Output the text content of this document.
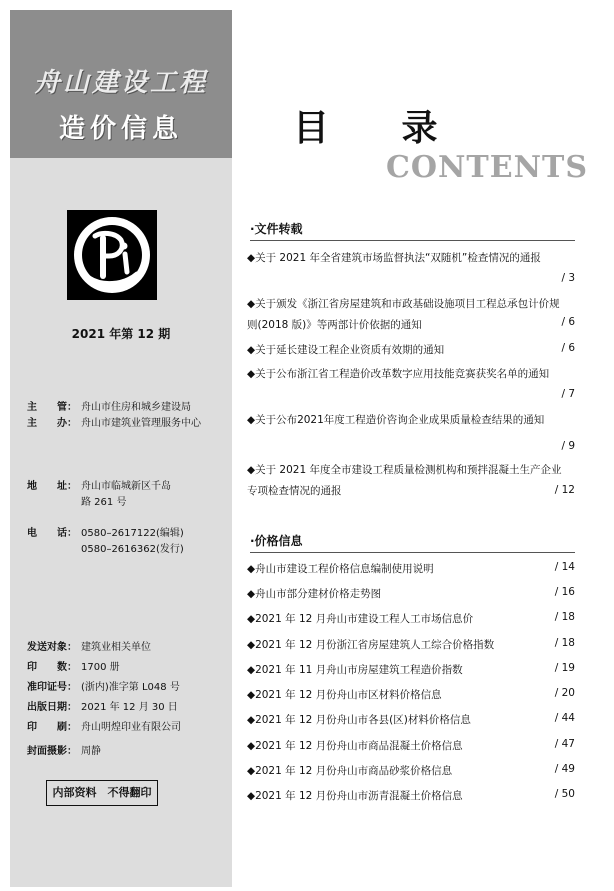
舟山建设工程
造价信息
2021 年第 12 期
主　　管： 舟山市住房和城乡建设局
主　　办： 舟山市建筑业管理服务中心
地　　址： 舟山市临城新区千岛
路 261 号
电　　话： 0580–2617122(编辑)
0580–2616362(发行)
发送对象： 建筑业相关单位
印　　数： 1700 册
准印证号： (浙内)准字第 L048 号
出版日期： 2021 年 12 月 30 日
印　　刷： 舟山明煌印业有限公司
封面摄影： 周静
内部资料　不得翻印
目 录
CONTENTS
·文件转载
◆关于 2021 年全省建筑市场监督执法“双随机”检查情况的通报
/ 3
◆关于颁发《浙江省房屋建筑和市政基础设施项目工程总承包计价规则(2018 版)》等两部计价依据的通知	/ 6
◆关于延长建设工程企业资质有效期的通知	/ 6
◆关于公布浙江省工程造价改革数字应用技能竞赛获奖名单的通知
/ 7
◆关于公布2021年度工程造价咨询企业成果质量检查结果的通知
/ 9
◆关于 2021 年度全市建设工程质量检测机构和预拌混凝土生产企业专项检查情况的通报	/ 12
·价格信息
◆舟山市建设工程价格信息编制使用说明	/ 14
◆舟山市部分建材价格走势图	/ 16
◆2021 年 12 月舟山市建设工程人工市场信息价	/ 18
◆2021 年 12 月份浙江省房屋建筑人工综合价格指数	/ 18
◆2021 年 11 月舟山市房屋建筑工程造价指数	/ 19
◆2021 年 12 月份舟山市区材料价格信息	/ 20
◆2021 年 12 月份舟山市各县(区)材料价格信息	/ 44
◆2021 年 12 月份舟山市商品混凝土价格信息	/ 47
◆2021 年 12 月份舟山市商品砂浆价格信息	/ 49
◆2021 年 12 月份舟山市沥青混凝土价格信息	/ 50
